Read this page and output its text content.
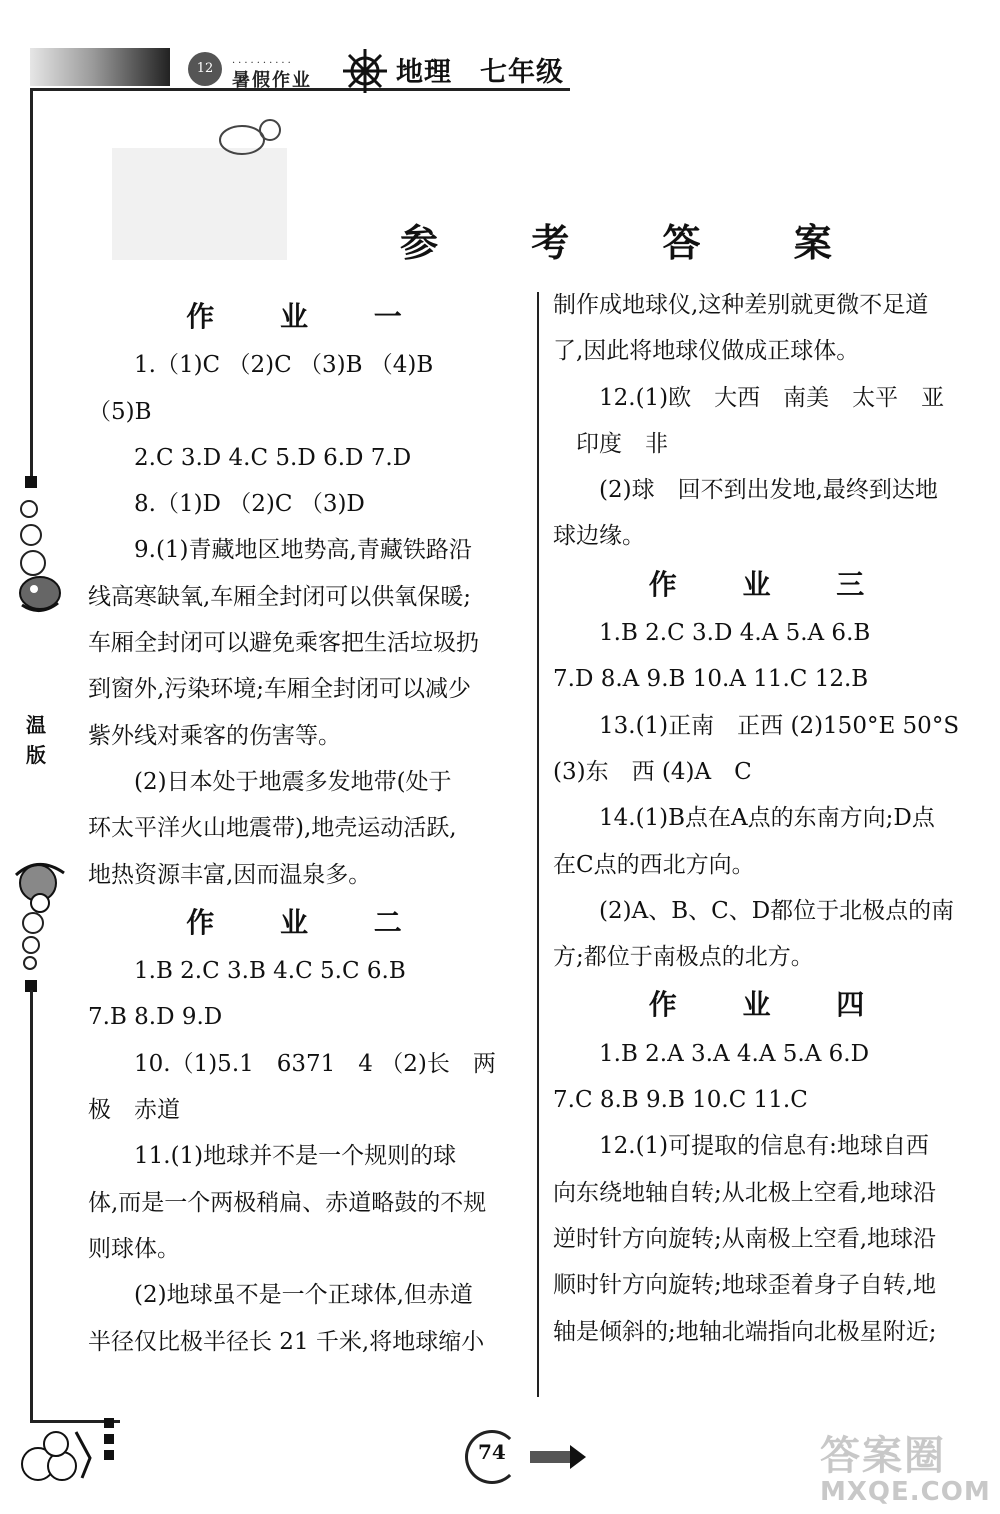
12	··········
暑假作业	地理　七年级
温 版
参 考 答 案

作 业 一

1.（1)C （2)C （3)B （4)B

（5)B

2.C 3.D 4.C 5.D 6.D 7.D

8.（1)D （2)C （3)D

9.(1)青藏地区地势高,青藏铁路沿

线高寒缺氧,车厢全封闭可以供氧保暖;

车厢全封闭可以避免乘客把生活垃圾扔

到窗外,污染环境;车厢全封闭可以减少

紫外线对乘客的伤害等。

(2)日本处于地震多发地带(处于

环太平洋火山地震带),地壳运动活跃,

地热资源丰富,因而温泉多。

作 业 二

1.B 2.C 3.B 4.C 5.C 6.B

7.B 8.D 9.D

10.（1)5.1　6371　4 （2)长　两

极　赤道

11.(1)地球并不是一个规则的球

体,而是一个两极稍扁、赤道略鼓的不规

则球体。

(2)地球虽不是一个正球体,但赤道

半径仅比极半径长 21 千米,将地球缩小

制作成地球仪,这种差别就更微不足道

了,因此将地球仪做成正球体。

12.(1)欧　大西　南美　太平　亚

　印度　非

(2)球　回不到出发地,最终到达地

球边缘。

作 业 三

1.B 2.C 3.D 4.A 5.A 6.B

7.D 8.A 9.B 10.A 11.C 12.B

13.(1)正南　正西 (2)150°E 50°S

(3)东　西 (4)A　C

14.(1)B点在A点的东南方向;D点

在C点的西北方向。

(2)A、B、C、D都位于北极点的南

方;都位于南极点的北方。

作 业 四

1.B 2.A 3.A 4.A 5.A 6.D

7.C 8.B 9.B 10.C 11.C

12.(1)可提取的信息有:地球自西

向东绕地轴自转;从北极上空看,地球沿

逆时针方向旋转;从南极上空看,地球沿

顺时针方向旋转;地球歪着身子自转,地

轴是倾斜的;地轴北端指向北极星附近;

74	答案圈
MXQE.COM
